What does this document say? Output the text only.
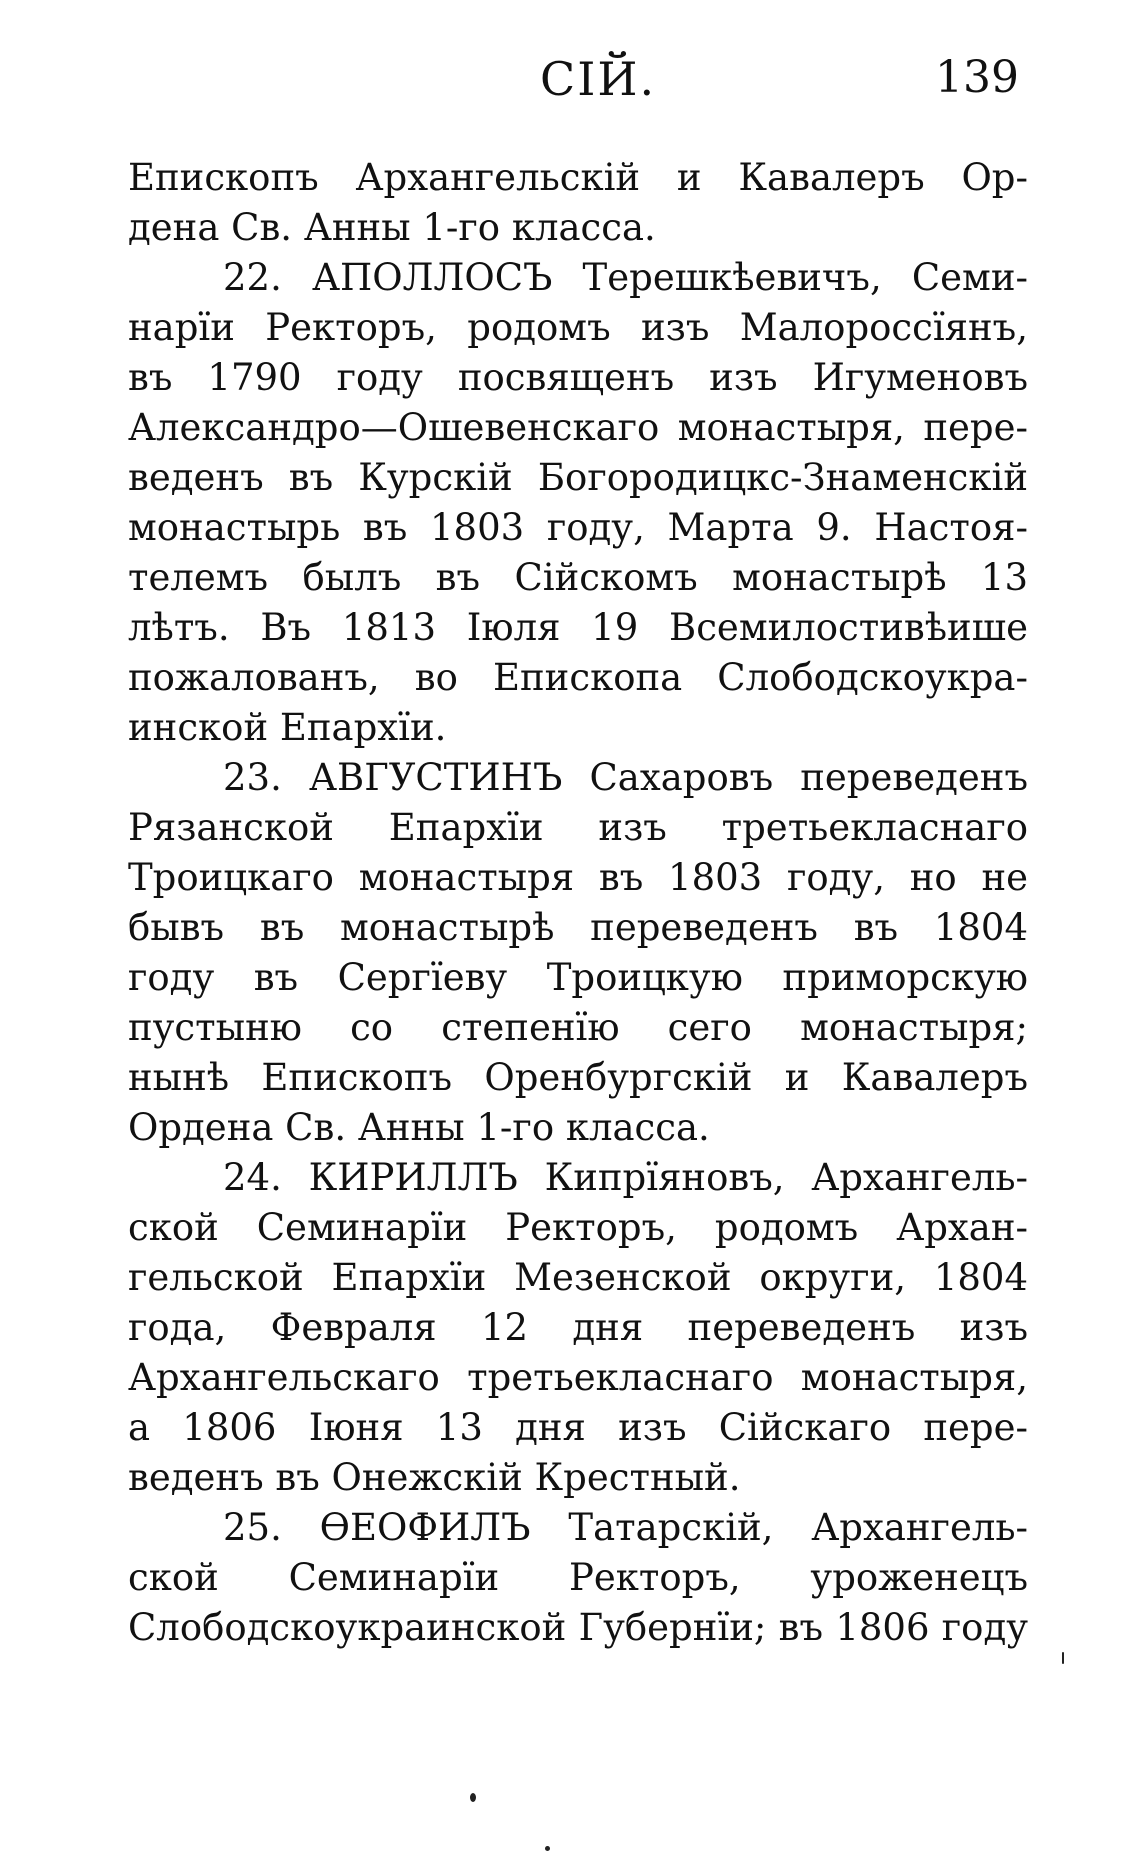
СІЙ.	139
Епископъ Архангельскій и Кавалеръ Ор-
дена Св. Анны 1-го класса.
22. АПОЛЛОСЪ Терешкѣевичъ, Семи-
нарїи Ректоръ, родомъ изъ Малороссїянъ,
въ 1790 году посвященъ изъ Игуменовъ
Александро—Ошевенскаго монастыря, пере-
веденъ въ Курскій Богородицкс-Знаменскій
монастырь въ 1803 году, Марта 9. Настоя-
телемъ былъ въ Сійскомъ монастырѣ 13
лѣтъ. Въ 1813 Іюля 19 Всемилостивѣише
пожалованъ, во Епископа Слободскоукра-
инской Епархїи.
23. АВГУСТИНЪ Сахаровъ переведенъ
Рязанской Епархїи изъ третьекласнаго
Троицкаго монастыря въ 1803 году, но не
бывъ въ монастырѣ переведенъ въ 1804
году въ Сергїеву Троицкую приморскую
пустыню со степенїю сего монастыря;
нынѣ Епископъ Оренбургскій и Кавалеръ
Ордена Св. Анны 1-го класса.
24. КИРИЛЛЪ Кипрїяновъ, Архангель-
ской Семинарїи Ректоръ, родомъ Архан-
гельской Епархїи Мезенской округи, 1804
года, Февраля 12 дня переведенъ изъ
Архангельскаго третьекласнаго монастыря,
а 1806 Іюня 13 дня изъ Сійскаго пере-
веденъ въ Онежскій Крестный.
25. ѲЕОФИЛЪ Татарскій, Архангель-
ской Семинарїи Ректоръ, уроженецъ
Слободскоукраинской Губернїи; въ 1806 году
